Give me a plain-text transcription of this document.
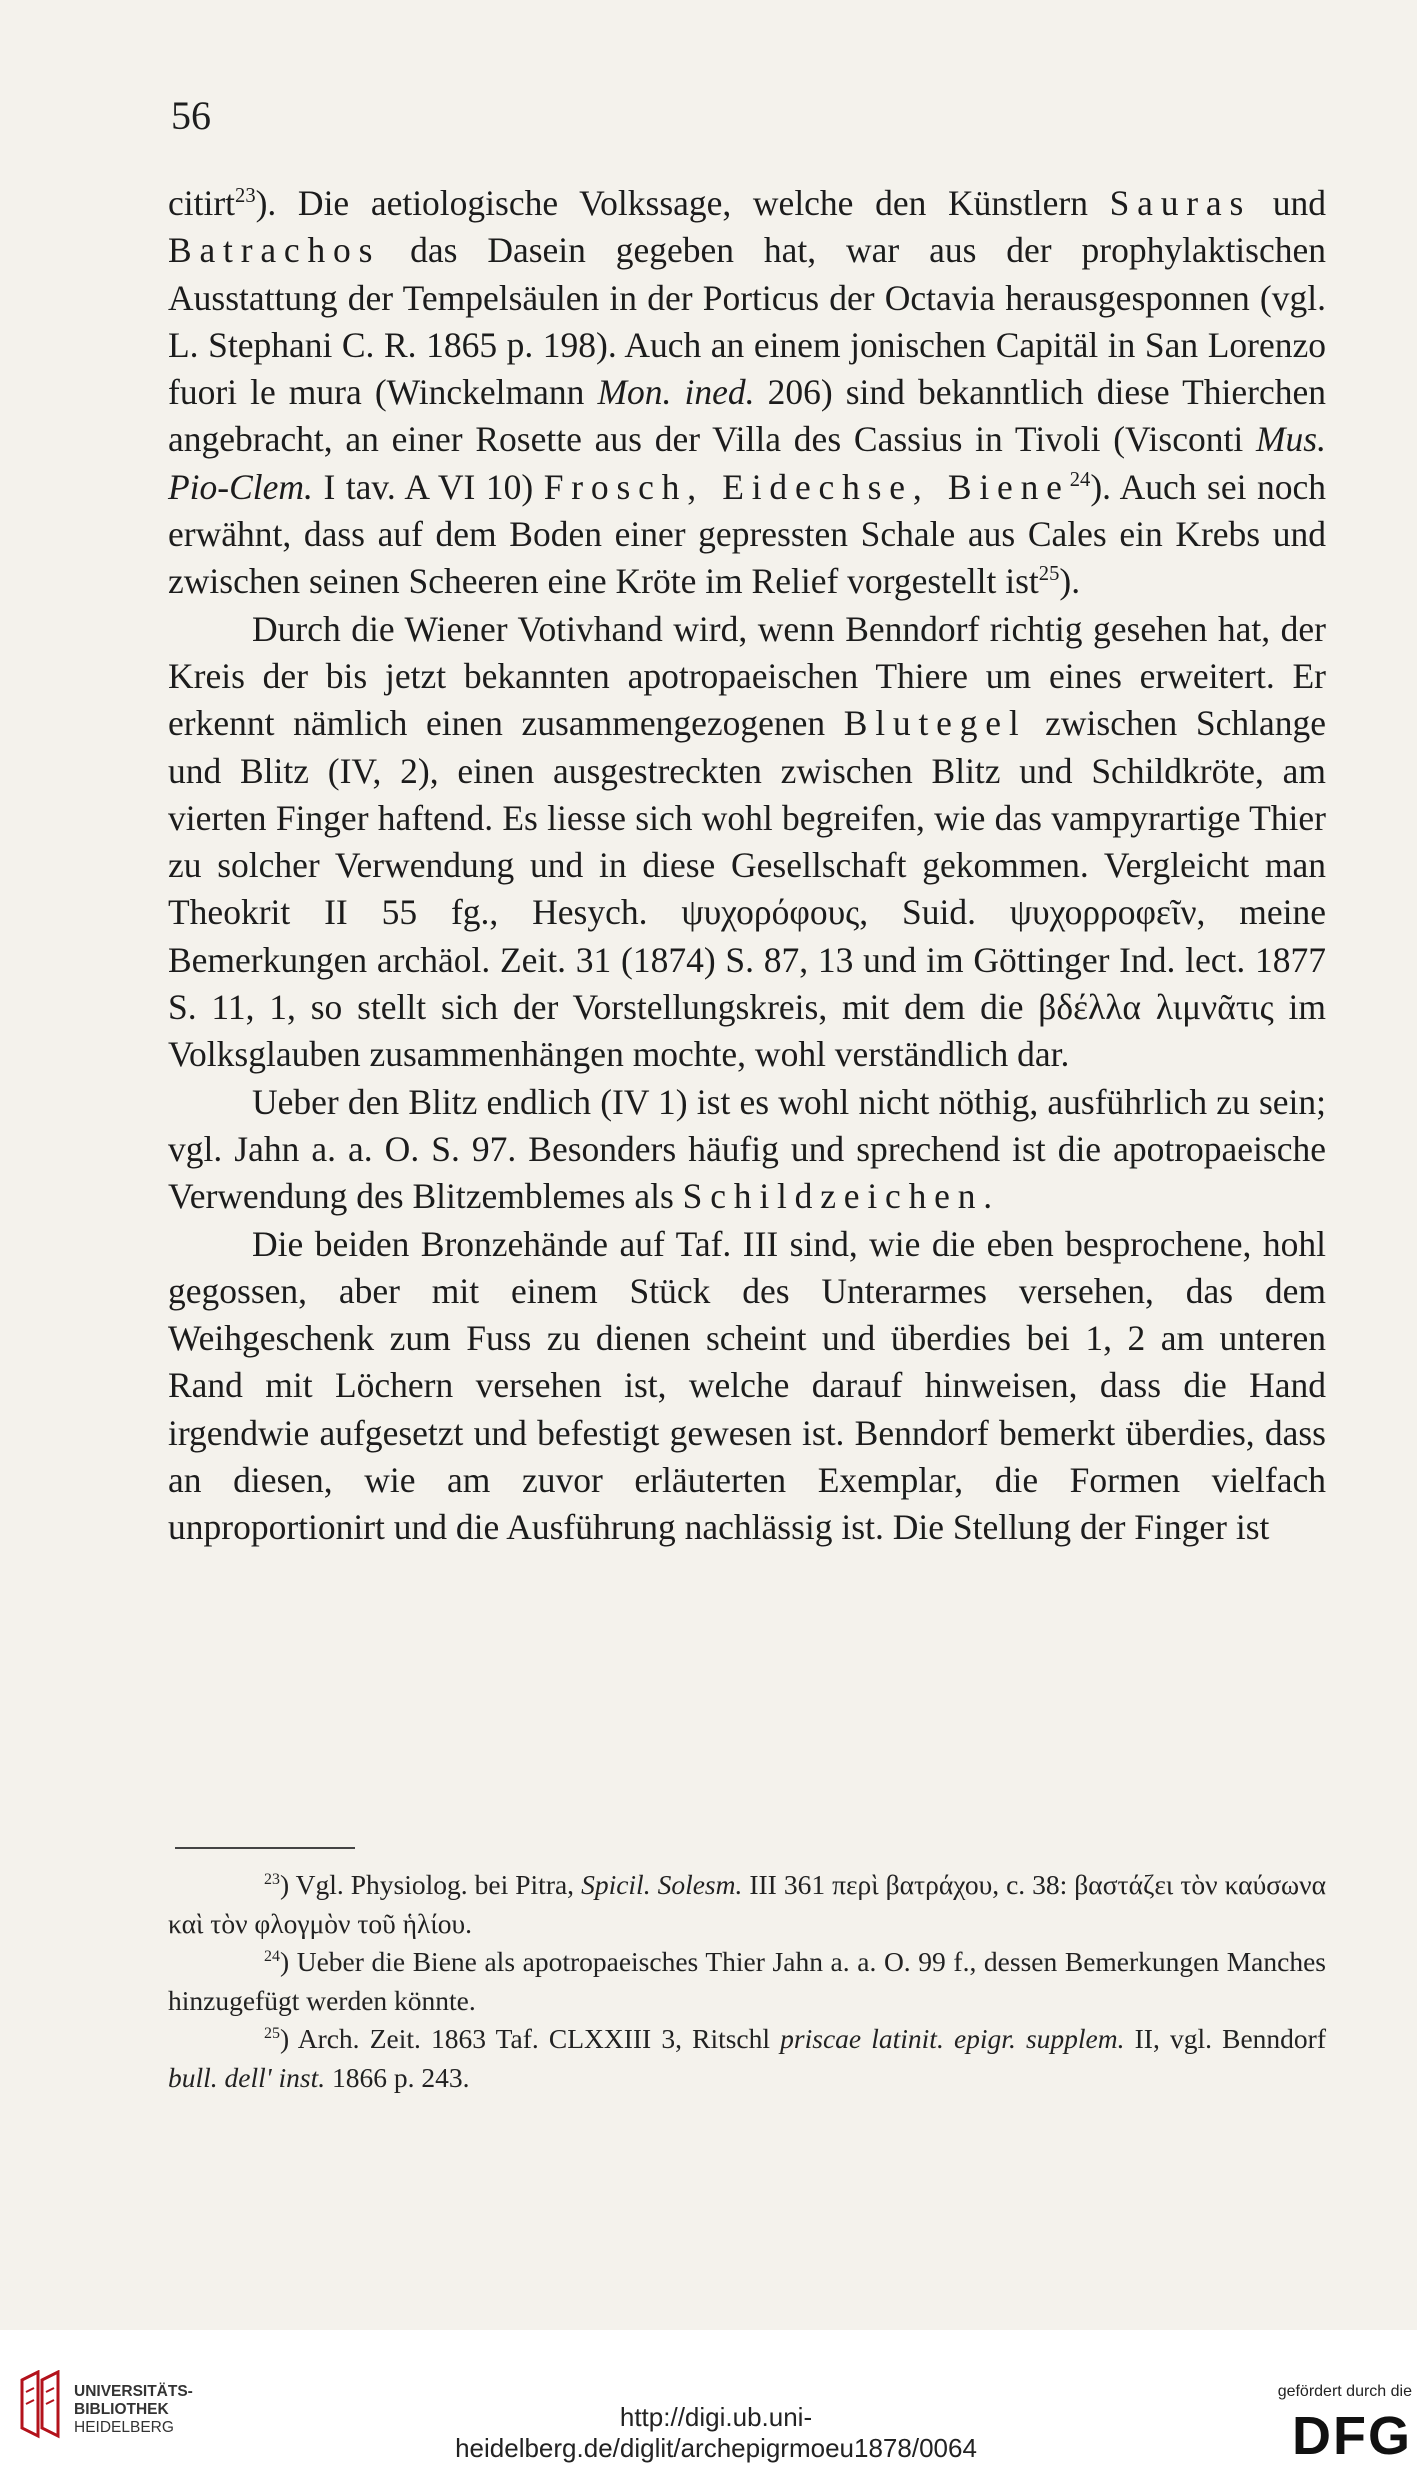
56

citirt$^{23}$). Die aetiologische Volkssage, welche den Künstlern Sauras und Batrachos das Dasein gegeben hat, war aus der prophylaktischen Ausstattung der Tempelsäulen in der Porticus der Octavia herausgesponnen (vgl. L. Stephani C. R. 1865 p. 198). Auch an einem jonischen Capitäl in San Lorenzo fuori le mura (Winckelmann Mon. ined. 206) sind bekanntlich diese Thierchen angebracht, an einer Rosette aus der Villa des Cassius in Tivoli (Visconti Mus. Pio-Clem. I tav. A VI 10) Frosch, Eidechse, Biene$^{24}$). Auch sei noch erwähnt, dass auf dem Boden einer gepressten Schale aus Cales ein Krebs und zwischen seinen Scheeren eine Kröte im Relief vorgestellt ist$^{25}$).

Durch die Wiener Votivhand wird, wenn Benndorf richtig gesehen hat, der Kreis der bis jetzt bekannten apotropaeischen Thiere um eines erweitert. Er erkennt nämlich einen zusammengezogenen Blutegel zwischen Schlange und Blitz (IV, 2), einen ausgestreckten zwischen Blitz und Schildkröte, am vierten Finger haftend. Es liesse sich wohl begreifen, wie das vampyrartige Thier zu solcher Verwendung und in diese Gesellschaft gekommen. Vergleicht man Theokrit II 55 fg., Hesych. ψυχορόφους, Suid. ψυχορροφεῖν, meine Bemerkungen archäol. Zeit. 31 (1874) S. 87, 13 und im Göttinger Ind. lect. 1877 S. 11, 1, so stellt sich der Vorstellungskreis, mit dem die βδέλλα λιμνᾶτις im Volksglauben zusammenhängen mochte, wohl verständlich dar.

Ueber den Blitz endlich (IV 1) ist es wohl nicht nöthig, ausführlich zu sein; vgl. Jahn a. a. O. S. 97. Besonders häufig und sprechend ist die apotropaeische Verwendung des Blitzemblemes als Schildzeichen.

Die beiden Bronzehände auf Taf. III sind, wie die eben besprochene, hohl gegossen, aber mit einem Stück des Unterarmes versehen, das dem Weihgeschenk zum Fuss zu dienen scheint und überdies bei 1, 2 am unteren Rand mit Löchern versehen ist, welche darauf hinweisen, dass die Hand irgendwie aufgesetzt und befestigt gewesen ist. Benndorf bemerkt überdies, dass an diesen, wie am zuvor erläuterten Exemplar, die Formen vielfach unproportionirt und die Ausführung nachlässig ist. Die Stellung der Finger ist

$^{23}$) Vgl. Physiolog. bei Pitra, Spicil. Solesm. III 361 περὶ βατράχου, c. 38: βαστάζει τὸν καύσωνα καὶ τὸν φλογμὸν τοῦ ἡλίου.

$^{24}$) Ueber die Biene als apotropaeisches Thier Jahn a. a. O. 99 f., dessen Bemerkungen Manches hinzugefügt werden könnte.

$^{25}$) Arch. Zeit. 1863 Taf. CLXXIII 3, Ritschl priscae latinit. epigr. supplem. II, vgl. Benndorf bull. dell' inst. 1866 p. 243.

UNIVERSITÄTS-
BIBLIOTHEK
HEIDELBERG	http://digi.ub.uni-heidelberg.de/diglit/archepigrmoeu1878/0064
gefördert durch die
DFG
